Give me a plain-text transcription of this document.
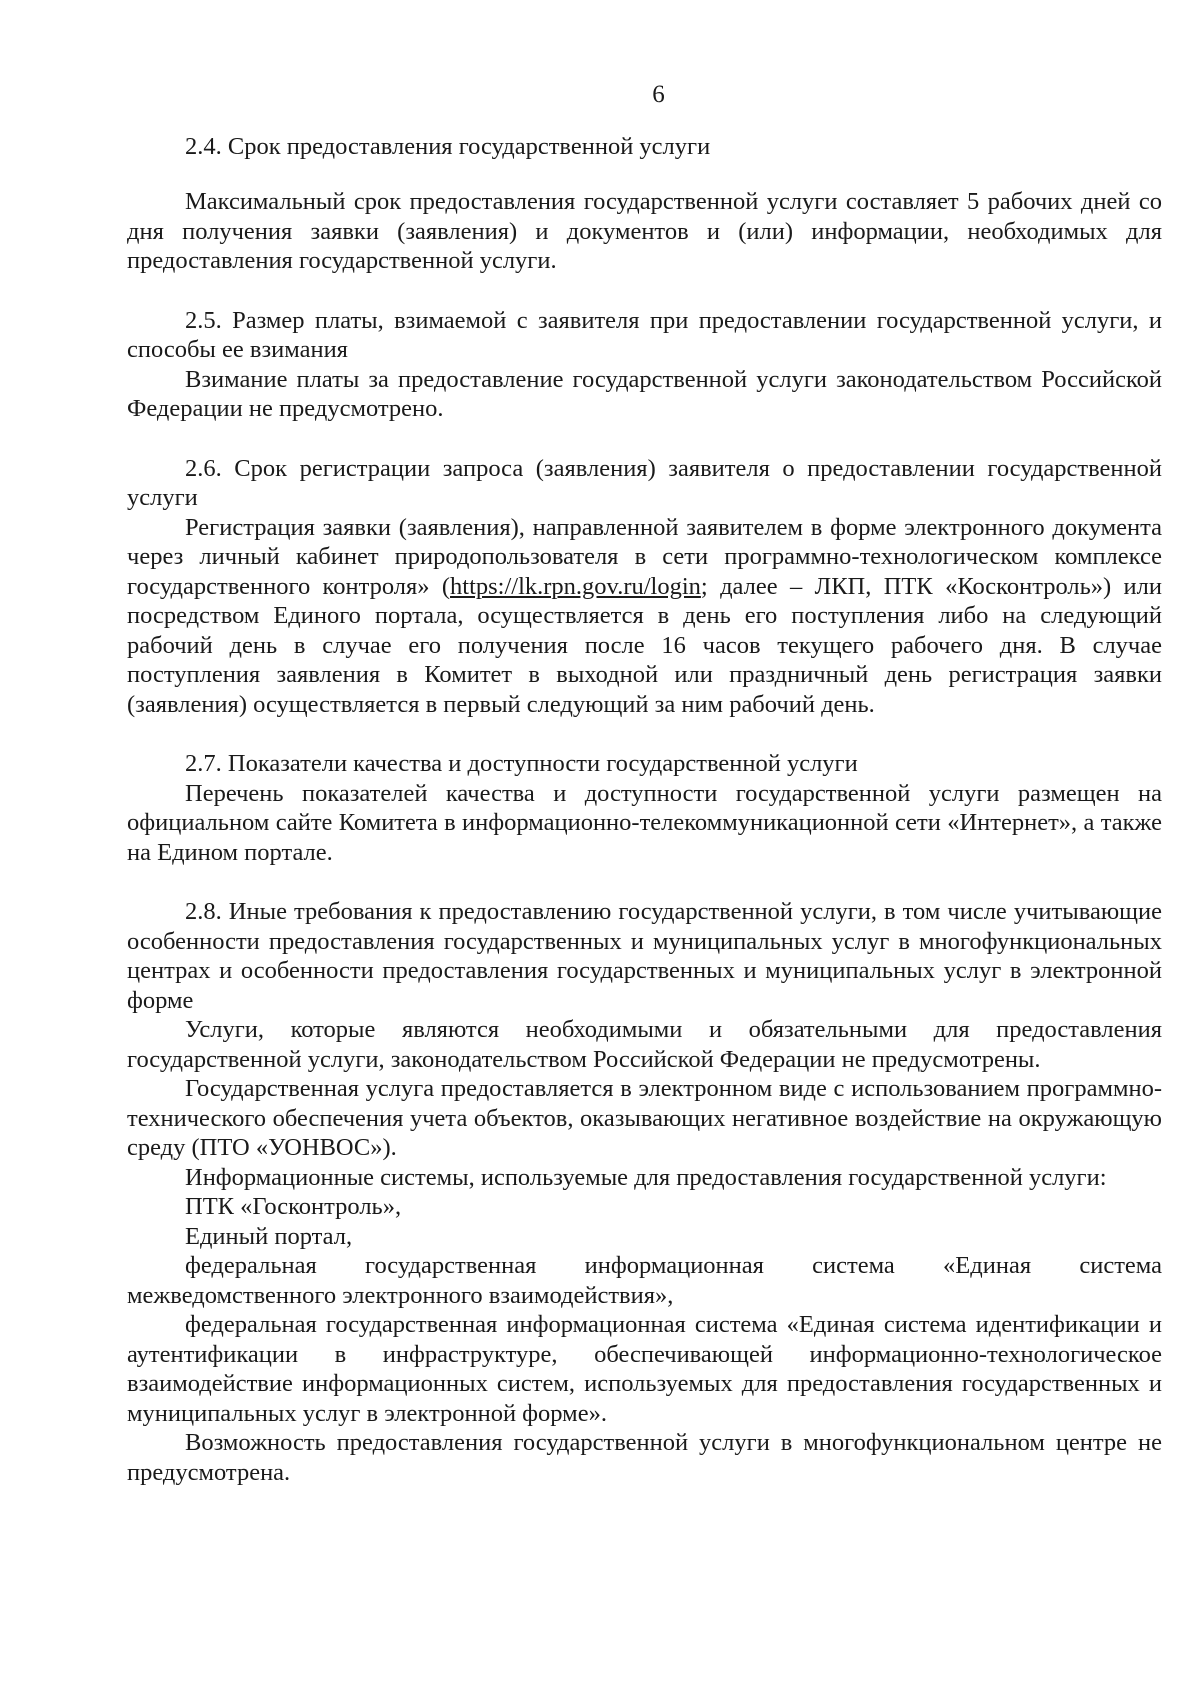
6

2.4. Срок предоставления государственной услуги

Максимальный срок предоставления государственной услуги составляет 5 рабочих дней со дня получения заявки (заявления) и документов и (или) информации, необходимых для предоставления государственной услуги.

2.5. Размер платы, взимаемой с заявителя при предоставлении государственной услуги, и способы ее взимания

Взимание платы за предоставление государственной услуги законодательством Российской Федерации не предусмотрено.

2.6. Срок регистрации запроса (заявления) заявителя о предоставлении государственной услуги

Регистрация заявки (заявления), направленной заявителем в форме электронного документа через личный кабинет природопользователя в сети программно-технологическом комплексе государственного контроля» (https://lk.rpn.gov.ru/login; далее – ЛКП, ПТК «Косконтроль») или посредством Единого портала, осуществляется в день его поступления либо на следующий рабочий день в случае его получения после 16 часов текущего рабочего дня. В случае поступления заявления в Комитет в выходной или праздничный день регистрация заявки (заявления) осуществляется в первый следующий за ним рабочий день.

2.7. Показатели качества и доступности государственной услуги

Перечень показателей качества и доступности государственной услуги размещен на официальном сайте Комитета в информационно-телекоммуникационной сети «Интернет», а также на Едином портале.

2.8. Иные требования к предоставлению государственной услуги, в том числе учитывающие особенности предоставления государственных и муниципальных услуг в многофункциональных центрах и особенности предоставления государственных и муниципальных услуг в электронной форме

Услуги, которые являются необходимыми и обязательными для предоставления государственной услуги, законодательством Российской Федерации не предусмотрены.

Государственная услуга предоставляется в электронном виде с использованием программно-технического обеспечения учета объектов, оказывающих негативное воздействие на окружающую среду (ПТО «УОНВОС»).

Информационные системы, используемые для предоставления государственной услуги:

ПТК «Госконтроль»,

Единый портал,

федеральная государственная информационная система «Единая система межведомственного электронного взаимодействия»,

федеральная государственная информационная система «Единая система идентификации и аутентификации в инфраструктуре, обеспечивающей информационно-технологическое взаимодействие информационных систем, используемых для предоставления государственных и муниципальных услуг в электронной форме».

Возможность предоставления государственной услуги в многофункциональном центре не предусмотрена.
